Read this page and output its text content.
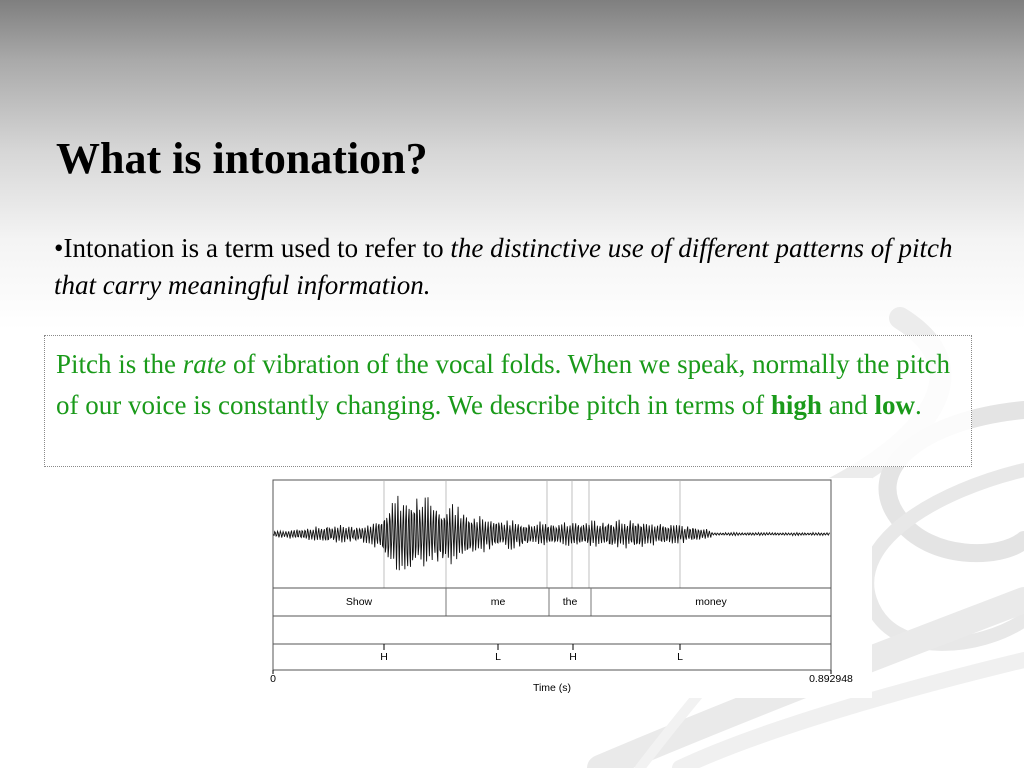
What is intonation?
•Intonation is a term used to refer to the distinctive use of different patterns of pitch that carry meaningful information.
Pitch is the rate of vibration of the vocal folds. When we speak, normally the pitch of our voice is constantly changing. We describe pitch in terms of high and low.
Show	me	the	money
H	L	H	L
0	0.892948
Time (s)
